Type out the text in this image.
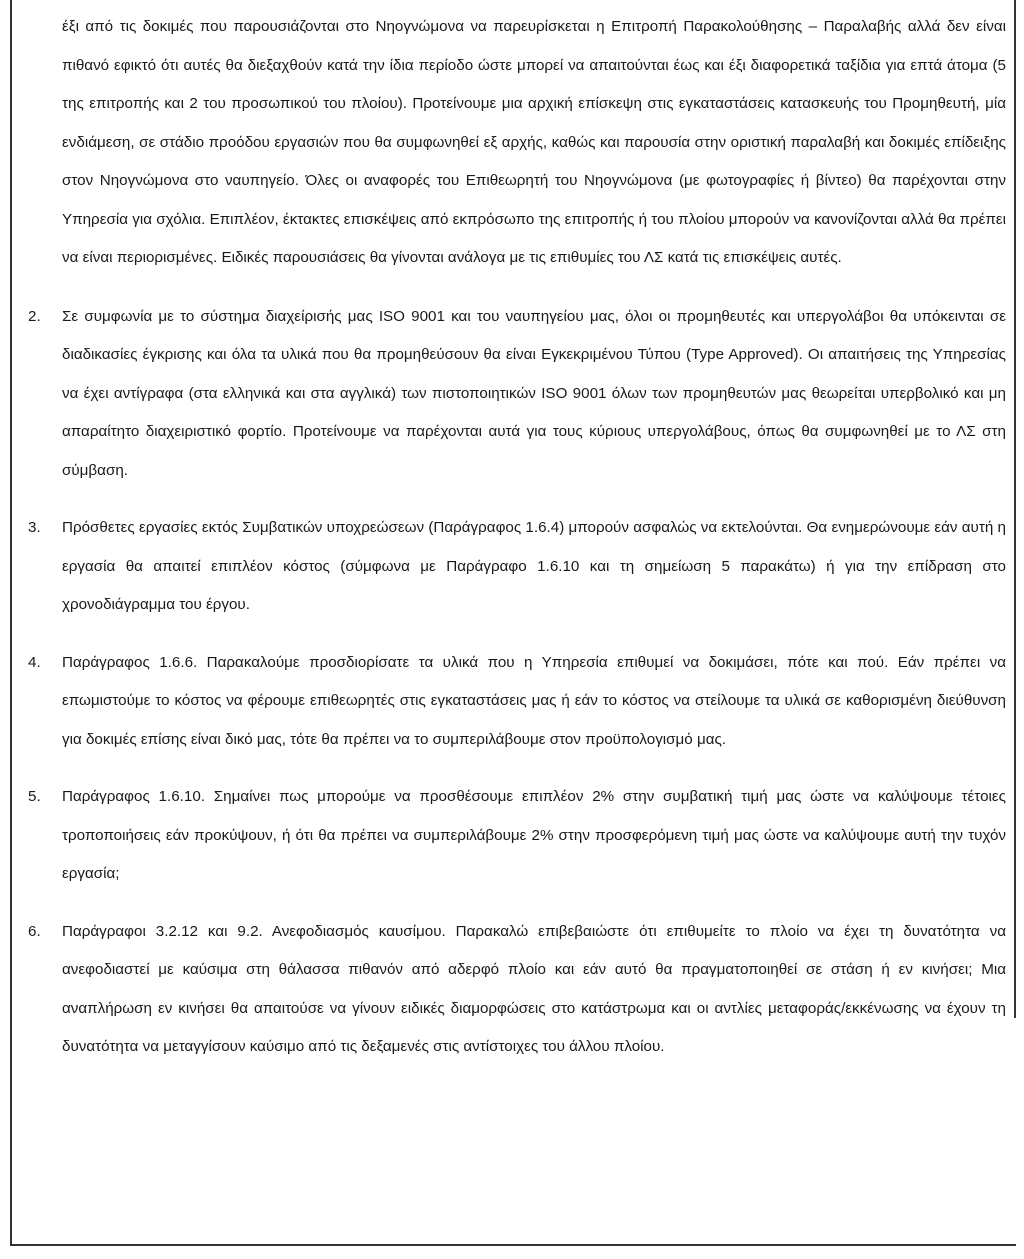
έξι από τις δοκιμές που παρουσιάζονται στο Νηογνώμονα να παρευρίσκεται η Επιτροπή Παρακολούθησης – Παραλαβής αλλά δεν είναι πιθανό εφικτό ότι αυτές θα διεξαχθούν κατά την ίδια περίοδο ώστε μπορεί να απαιτούνται έως και έξι διαφορετικά ταξίδια για επτά άτομα (5 της επιτροπής και 2 του προσωπικού του πλοίου). Προτείνουμε μια αρχική επίσκεψη στις εγκαταστάσεις κατασκευής του Προμηθευτή, μία ενδιάμεση, σε στάδιο προόδου εργασιών που θα συμφωνηθεί εξ αρχής, καθώς και παρουσία στην οριστική παραλαβή και δοκιμές επίδειξης στον Νηογνώμονα στο ναυπηγείο. Όλες οι αναφορές του Επιθεωρητή του Νηογνώμονα (με φωτογραφίες ή βίντεο) θα παρέχονται στην Υπηρεσία για σχόλια. Επιπλέον, έκτακτες επισκέψεις από εκπρόσωπο της επιτροπής ή του πλοίου μπορούν να κανονίζονται αλλά θα πρέπει να είναι περιορισμένες. Ειδικές παρουσιάσεις θα γίνονται ανάλογα με τις επιθυμίες του ΛΣ κατά τις επισκέψεις αυτές.

2.	Σε συμφωνία με το σύστημα διαχείρισής μας ISO 9001 και του ναυπηγείου μας, όλοι οι προμηθευτές και υπεργολάβοι θα υπόκεινται σε διαδικασίες έγκρισης και όλα τα υλικά που θα προμηθεύσουν θα είναι Εγκεκριμένου Τύπου (Type Approved). Οι απαιτήσεις της Υπηρεσίας να έχει αντίγραφα (στα ελληνικά και στα αγγλικά) των πιστοποιητικών ISO 9001 όλων των προμηθευτών μας θεωρείται υπερβολικό και μη απαραίτητο διαχειριστικό φορτίο. Προτείνουμε να παρέχονται αυτά για τους κύριους υπεργολάβους, όπως θα συμφωνηθεί με το ΛΣ στη σύμβαση.

3.	Πρόσθετες εργασίες εκτός Συμβατικών υποχρεώσεων (Παράγραφος 1.6.4) μπορούν ασφαλώς να εκτελούνται. Θα ενημερώνουμε εάν αυτή η εργασία θα απαιτεί επιπλέον κόστος (σύμφωνα με Παράγραφο 1.6.10 και τη σημείωση 5 παρακάτω) ή για την επίδραση στο χρονοδιάγραμμα του έργου.

4.	Παράγραφος 1.6.6. Παρακαλούμε προσδιορίσατε τα υλικά που η Υπηρεσία επιθυμεί να δοκιμάσει, πότε και πού. Εάν πρέπει να επωμιστούμε το κόστος να φέρουμε επιθεωρητές στις εγκαταστάσεις μας ή εάν το κόστος να στείλουμε τα υλικά σε καθορισμένη διεύθυνση για δοκιμές επίσης είναι δικό μας, τότε θα πρέπει να το συμπεριλάβουμε στον προϋπολογισμό μας.

5.	Παράγραφος 1.6.10. Σημαίνει πως μπορούμε να προσθέσουμε επιπλέον 2% στην συμβατική τιμή μας ώστε να καλύψουμε τέτοιες τροποποιήσεις εάν προκύψουν, ή ότι θα πρέπει να συμπεριλάβουμε 2% στην προσφερόμενη τιμή μας ώστε να καλύψουμε αυτή την τυχόν εργασία;

6.	Παράγραφοι 3.2.12 και 9.2. Ανεφοδιασμός καυσίμου. Παρακαλώ επιβεβαιώστε ότι επιθυμείτε το πλοίο να έχει τη δυνατότητα να ανεφοδιαστεί με καύσιμα στη θάλασσα πιθανόν από αδερφό πλοίο και εάν αυτό θα πραγματοποιηθεί σε στάση ή εν κινήσει; Μια αναπλήρωση εν κινήσει θα απαιτούσε να γίνουν ειδικές διαμορφώσεις στο κατάστρωμα και οι αντλίες μεταφοράς/εκκένωσης να έχουν τη δυνατότητα να μεταγγίσουν καύσιμο από τις δεξαμενές στις αντίστοιχες του άλλου πλοίου.
